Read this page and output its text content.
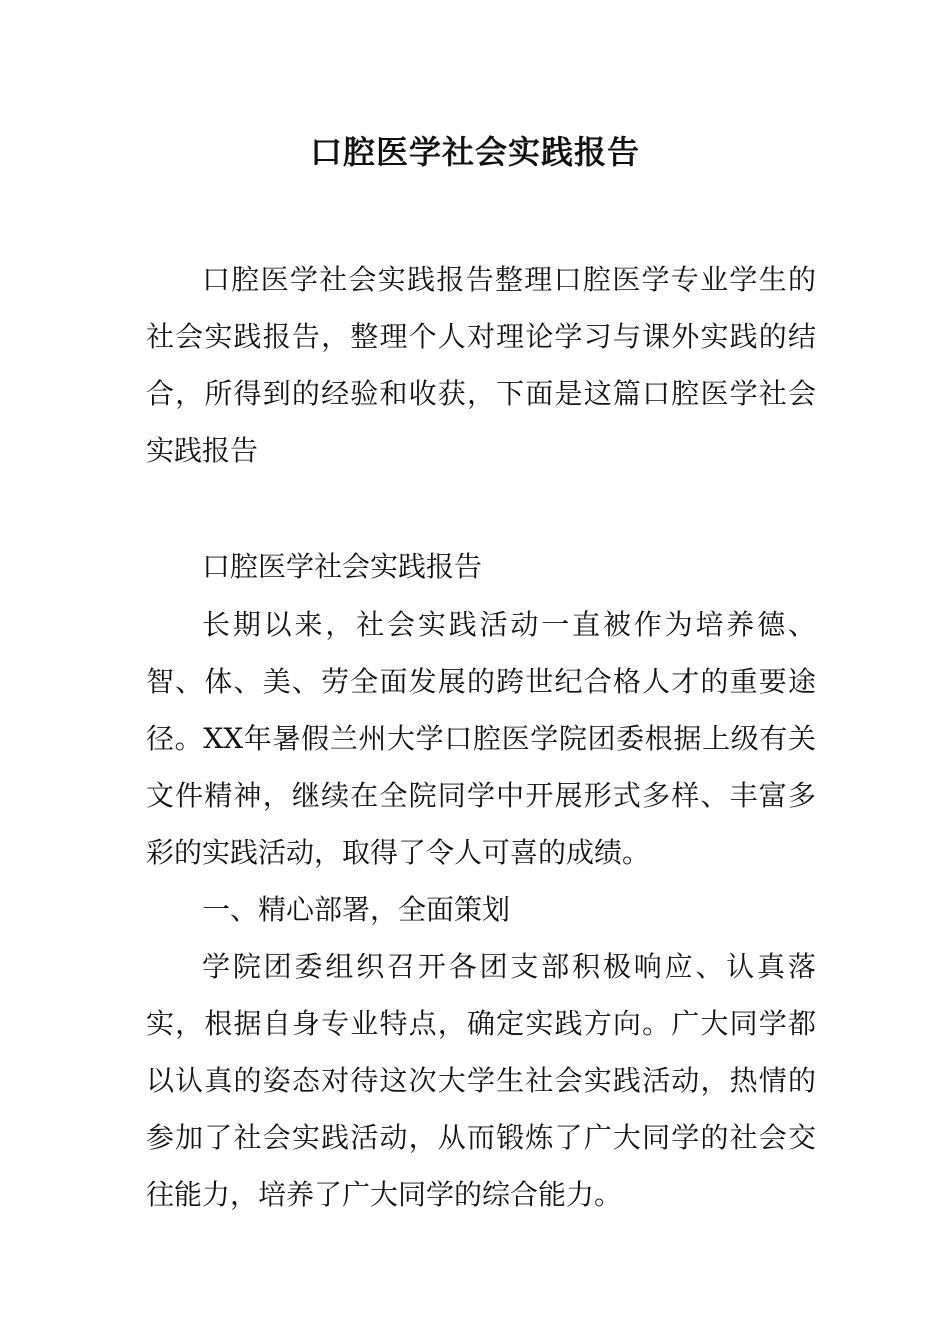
口腔医学社会实践报告

口腔医学社会实践报告整理口腔医学专业学生的社会实践报告，整理个人对理论学习与课外实践的结合，所得到的经验和收获，下面是这篇口腔医学社会实践报告

口腔医学社会实践报告

长期以来，社会实践活动一直被作为培养德、智、体、美、劳全面发展的跨世纪合格人才的重要途径。XX年暑假兰州大学口腔医学院团委根据上级有关文件精神，继续在全院同学中开展形式多样、丰富多彩的实践活动，取得了令人可喜的成绩。

一、精心部署，全面策划

学院团委组织召开各团支部积极响应、认真落实，根据自身专业特点，确定实践方向。广大同学都以认真的姿态对待这次大学生社会实践活动，热情的参加了社会实践活动，从而锻炼了广大同学的社会交往能力，培养了广大同学的综合能力。
